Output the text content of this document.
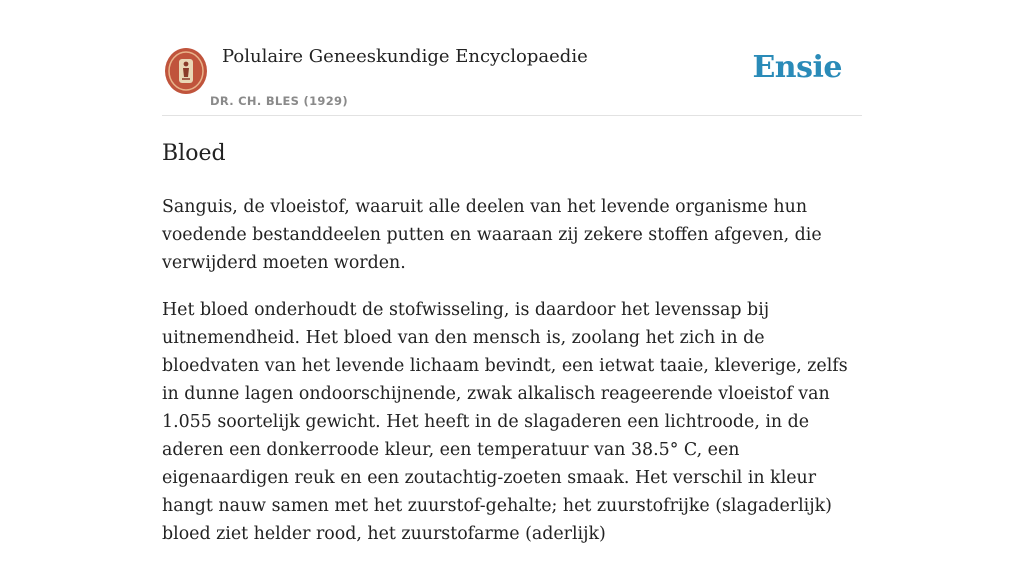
Polulaire Geneeskundige Encyclopaedie
DR. CH. BLES (1929)
Ensie
Bloed

Sanguis, de vloeistof, waaruit alle deelen van het levende organisme hun voedende bestanddeelen putten en waaraan zij zekere stoffen afgeven, die verwijderd moeten worden.

Het bloed onderhoudt de stofwisseling, is daardoor het levenssap bij uitnemendheid. Het bloed van den mensch is, zoolang het zich in de bloedvaten van het levende lichaam bevindt, een ietwat taaie, kleverige, zelfs in dunne lagen ondoorschijnende, zwak alkalisch reageerende vloeistof van 1.055 soortelijk gewicht. Het heeft in de slagaderen een lichtroode, in de aderen een donkerroode kleur, een temperatuur van 38.5° C, een eigenaardigen reuk en een zoutachtig-zoeten smaak. Het verschil in kleur hangt nauw samen met het zuurstof-gehalte; het zuurstofrijke (slagaderlijk) bloed ziet helder rood, het zuurstofarme (aderlijk)
